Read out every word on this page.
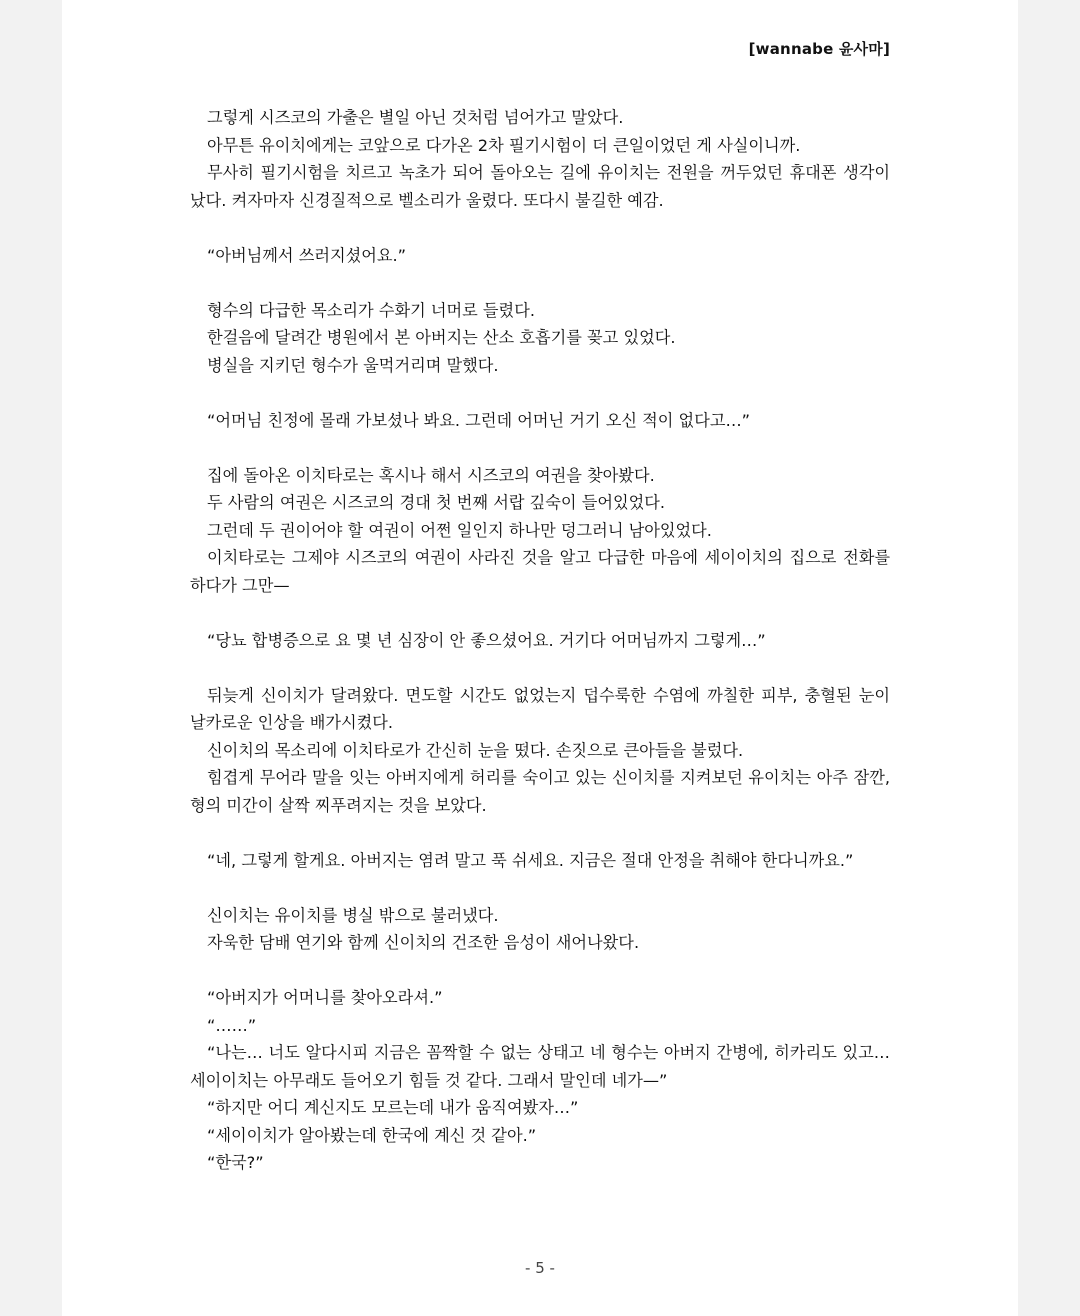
[wannabe 윤사마]

그렇게 시즈코의 가출은 별일 아닌 것처럼 넘어가고 말았다.

아무튼 유이치에게는 코앞으로 다가온 2차 필기시험이 더 큰일이었던 게 사실이니까.

무사히 필기시험을 치르고 녹초가 되어 돌아오는 길에 유이치는 전원을 꺼두었던 휴대폰 생각이 났다. 켜자마자 신경질적으로 벨소리가 울렸다. 또다시 불길한 예감.

“아버님께서 쓰러지셨어요.”

형수의 다급한 목소리가 수화기 너머로 들렸다.

한걸음에 달려간 병원에서 본 아버지는 산소 호흡기를 꽂고 있었다.

병실을 지키던 형수가 울먹거리며 말했다.

“어머님 친정에 몰래 가보셨나 봐요. 그런데 어머닌 거기 오신 적이 없다고…”

집에 돌아온 이치타로는 혹시나 해서 시즈코의 여권을 찾아봤다.

두 사람의 여권은 시즈코의 경대 첫 번째 서랍 깊숙이 들어있었다.

그런데 두 권이어야 할 여권이 어쩐 일인지 하나만 덩그러니 남아있었다.

이치타로는 그제야 시즈코의 여권이 사라진 것을 알고 다급한 마음에 세이이치의 집으로 전화를 하다가 그만—

“당뇨 합병증으로 요 몇 년 심장이 안 좋으셨어요. 거기다 어머님까지 그렇게…”

뒤늦게 신이치가 달려왔다. 면도할 시간도 없었는지 덥수룩한 수염에 까칠한 피부, 충혈된 눈이 날카로운 인상을 배가시켰다.

신이치의 목소리에 이치타로가 간신히 눈을 떴다. 손짓으로 큰아들을 불렀다.

힘겹게 무어라 말을 잇는 아버지에게 허리를 숙이고 있는 신이치를 지켜보던 유이치는 아주 잠깐, 형의 미간이 살짝 찌푸려지는 것을 보았다.

“네, 그렇게 할게요. 아버지는 염려 말고 푹 쉬세요. 지금은 절대 안정을 취해야 한다니까요.”

신이치는 유이치를 병실 밖으로 불러냈다.

자욱한 담배 연기와 함께 신이치의 건조한 음성이 새어나왔다.

“아버지가 어머니를 찾아오라셔.”

“……”

“나는… 너도 알다시피 지금은 꼼짝할 수 없는 상태고 네 형수는 아버지 간병에, 히카리도 있고… 세이이치는 아무래도 들어오기 힘들 것 같다. 그래서 말인데 네가—”

“하지만 어디 계신지도 모르는데 내가 움직여봤자…”

“세이이치가 알아봤는데 한국에 계신 것 같아.”

“한국?”

- 5 -
